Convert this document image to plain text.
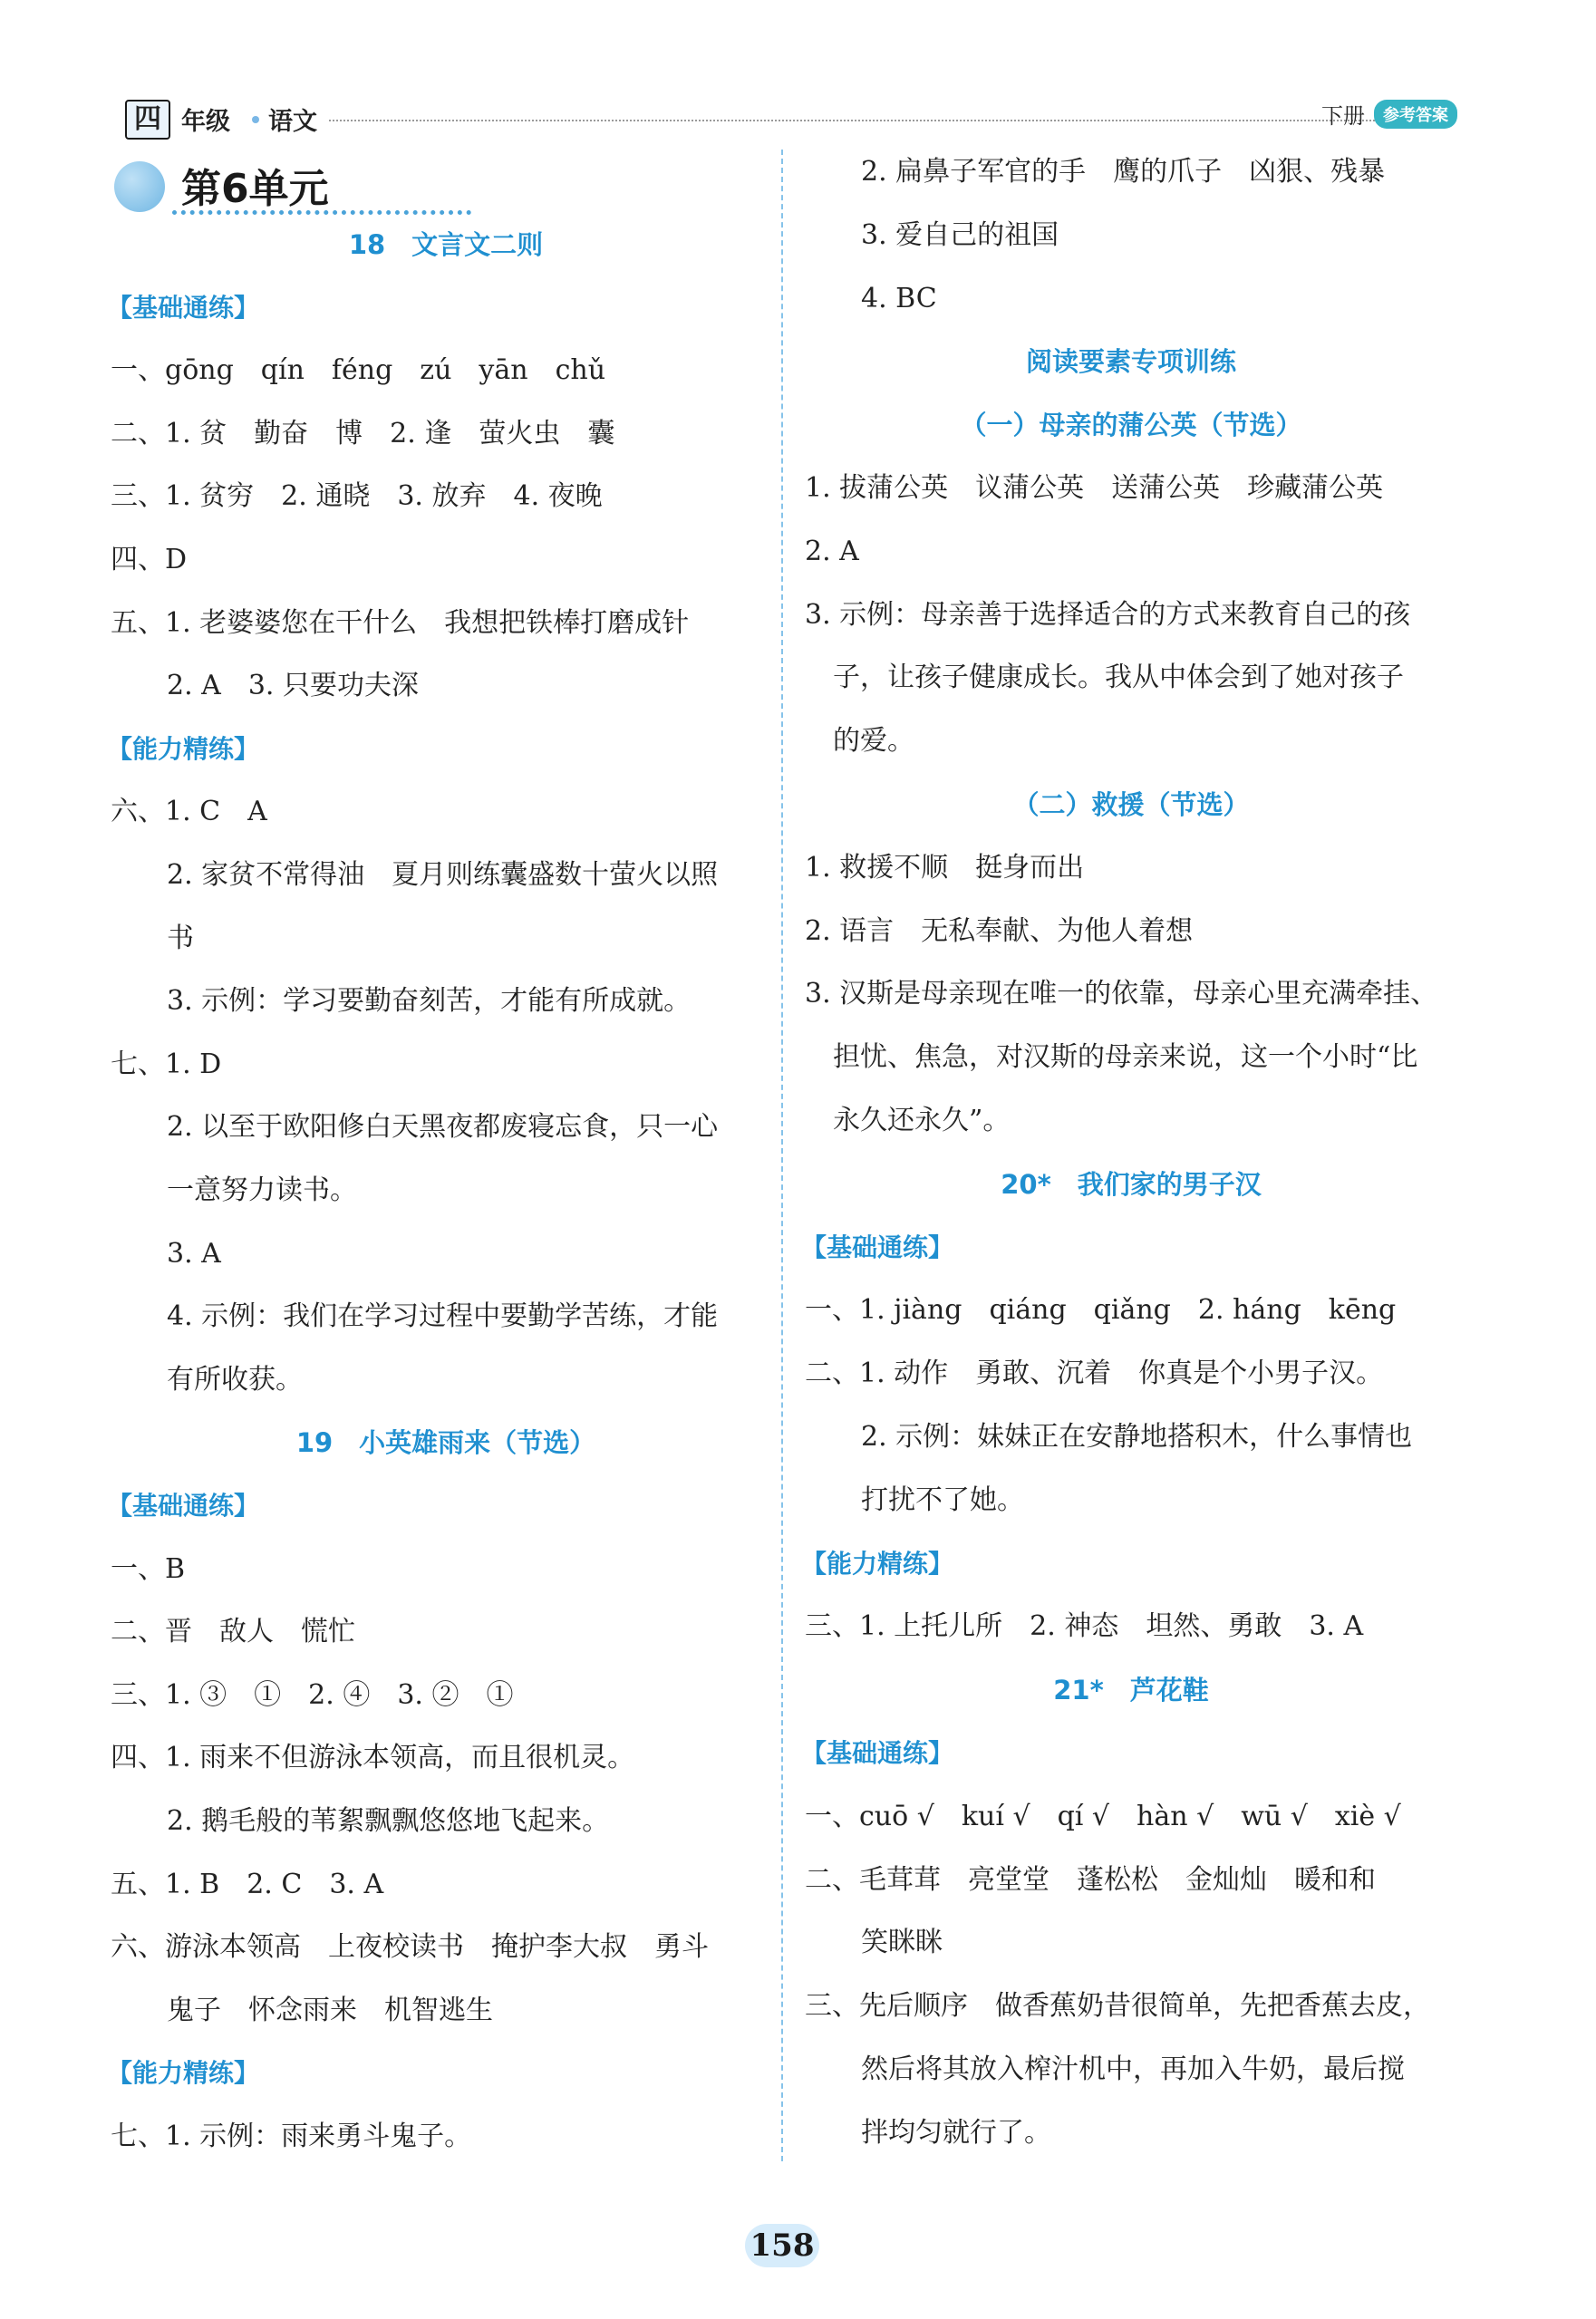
四 年级 语文	下册	参考答案
第6单元
18　文言文二则
【基础通练】
一、gōng　qín　féng　zú　yān　chǔ
二、1. 贫　勤奋　博　2. 逢　萤火虫　囊
三、1. 贫穷　2. 通晓　3. 放弃　4. 夜晚
四、D
五、1. 老婆婆您在干什么　我想把铁棒打磨成针
2. A　3. 只要功夫深
【能力精练】
六、1. C　A
2. 家贫不常得油　夏月则练囊盛数十萤火以照
书
3. 示例：学习要勤奋刻苦，才能有所成就。
七、1. D
2. 以至于欧阳修白天黑夜都废寝忘食，只一心
一意努力读书。
3. A
4. 示例：我们在学习过程中要勤学苦练，才能
有所收获。
19　小英雄雨来（节选）
【基础通练】
一、B
二、晋　敌人　慌忙
三、1. ③　①　2. ④　3. ②　①
四、1. 雨来不但游泳本领高，而且很机灵。
2. 鹅毛般的苇絮飘飘悠悠地飞起来。
五、1. B　2. C　3. A
六、游泳本领高　上夜校读书　掩护李大叔　勇斗
鬼子　怀念雨来　机智逃生
【能力精练】
七、1. 示例：雨来勇斗鬼子。
2. 扁鼻子军官的手　鹰的爪子　凶狠、残暴
3. 爱自己的祖国
4. BC
阅读要素专项训练
（一）母亲的蒲公英（节选）
1. 拔蒲公英　议蒲公英　送蒲公英　珍藏蒲公英
2. A
3. 示例：母亲善于选择适合的方式来教育自己的孩
子，让孩子健康成长。我从中体会到了她对孩子
的爱。
（二）救援（节选）
1. 救援不顺　挺身而出
2. 语言　无私奉献、为他人着想
3. 汉斯是母亲现在唯一的依靠，母亲心里充满牵挂、
担忧、焦急，对汉斯的母亲来说，这一个小时“比
永久还永久”。
20*　我们家的男子汉
【基础通练】
一、1. jiàng　qiáng　qiǎng　2. háng　kēng
二、1. 动作　勇敢、沉着　你真是个小男子汉。
2. 示例：妹妹正在安静地搭积木，什么事情也
打扰不了她。
【能力精练】
三、1. 上托儿所　2. 神态　坦然、勇敢　3. A
21*　芦花鞋
【基础通练】
一、cuō √　kuí √　qí √　hàn √　wū √　xiè √
二、毛茸茸　亮堂堂　蓬松松　金灿灿　暖和和
笑眯眯
三、先后顺序　做香蕉奶昔很简单，先把香蕉去皮，
然后将其放入榨汁机中，再加入牛奶，最后搅
拌均匀就行了。
158
